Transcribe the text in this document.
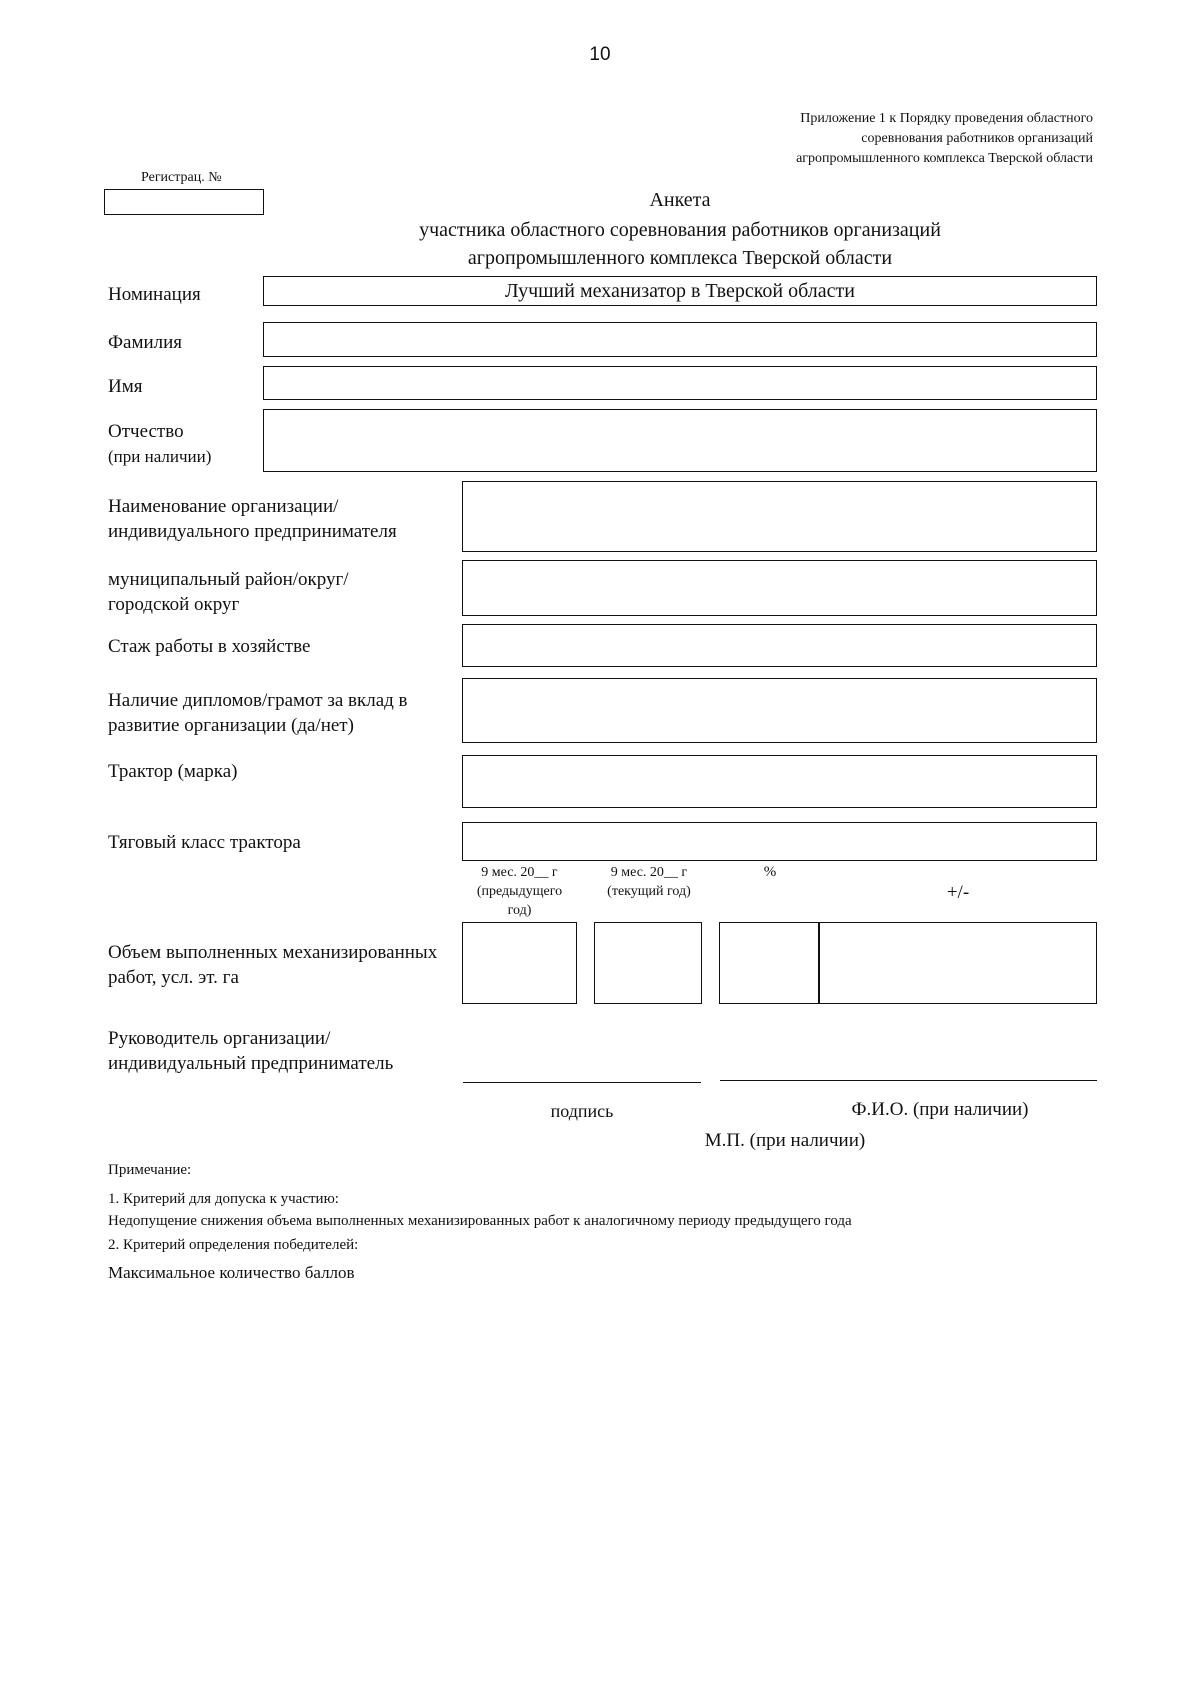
10
Приложение 1 к Порядку проведения областного
соревнования работников организаций
агропромышленного комплекса Тверской области
Регистрац. №
Анкета
участника областного соревнования работников организаций
агропромышленного комплекса Тверской области
Номинация	Лучший механизатор в Тверской области
Фамилия
Имя
Отчество
(при наличии)
Наименование организации/
индивидуального предпринимателя
муниципальный район/округ/
городской округ
Стаж работы в хозяйстве
Наличие дипломов/грамот за вклад в
развитие организации (да/нет)
Трактор (марка)
Тяговый класс трактора
9 мес. 20__ г
(предыдущего
год)
9 мес. 20__ г
(текущий год)
%
+/-
Объем выполненных механизированных
работ, усл. эт. га
Руководитель организации/
индивидуальный предприниматель
подпись	Ф.И.О. (при наличии)
М.П. (при наличии)
Примечание:
1. Критерий для допуска к участию:
Недопущение снижения объема выполненных механизированных работ к аналогичному периоду предыдущего года
2. Критерий определения победителей:
Максимальное количество баллов
